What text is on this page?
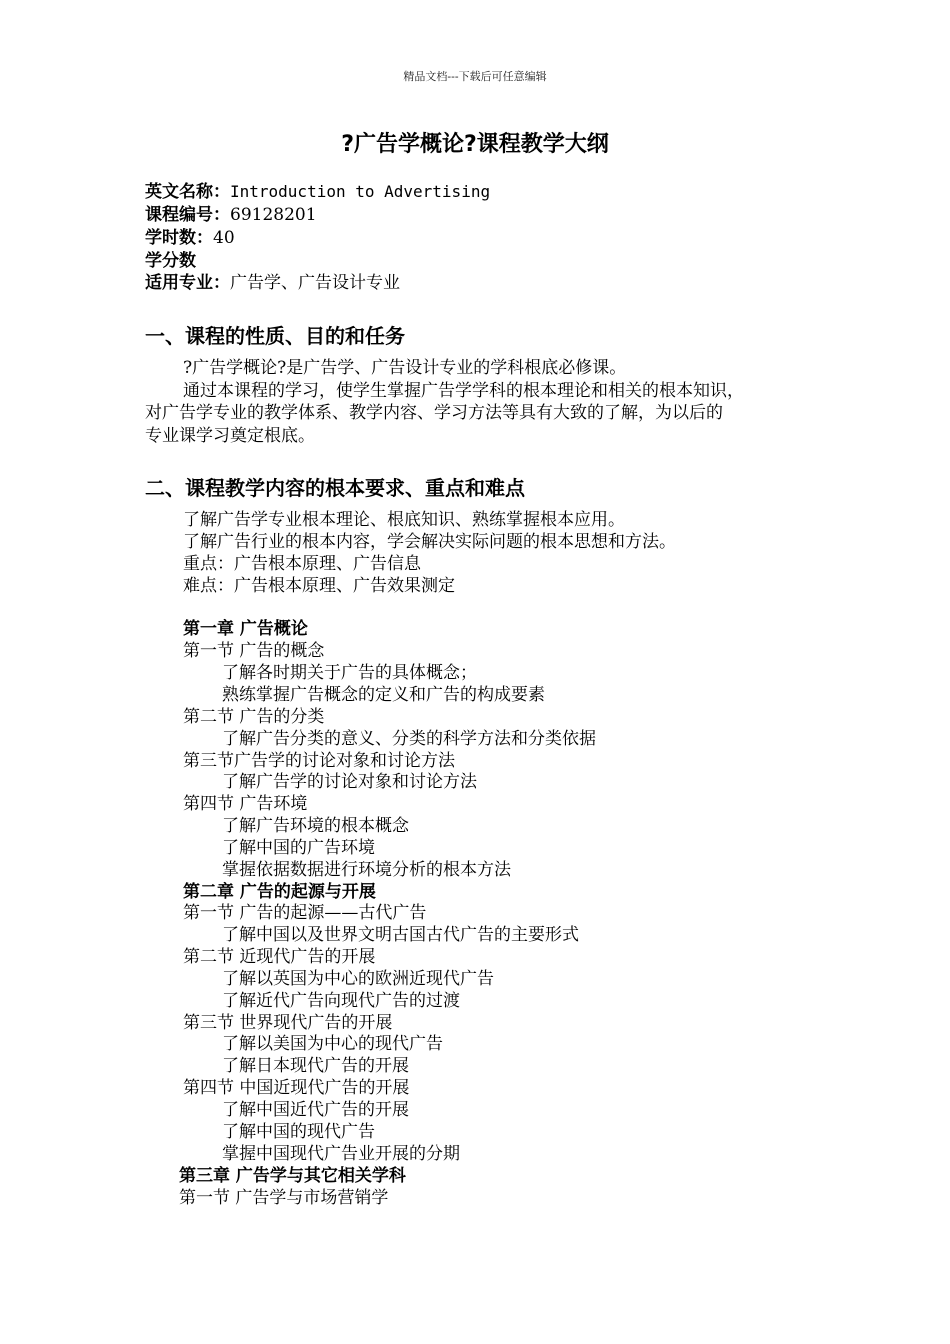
精品文档---下载后可任意编辑
?广告学概论?课程教学大纲
英文名称：Introduction to Advertising
课程编号：69128201
学时数：40
学分数
适用专业：广告学、广告设计专业
一、课程的性质、目的和任务
?广告学概论?是广告学、广告设计专业的学科根底必修课。
通过本课程的学习，使学生掌握广告学学科的根本理论和相关的根本知识，
对广告学专业的教学体系、教学内容、学习方法等具有大致的了解，为以后的
专业课学习奠定根底。
二、课程教学内容的根本要求、重点和难点
了解广告学专业根本理论、根底知识、熟练掌握根本应用。
了解广告行业的根本内容，学会解决实际问题的根本思想和方法。
重点：广告根本原理、广告信息
难点：广告根本原理、广告效果测定
第一章 广告概论
第一节 广告的概念
了解各时期关于广告的具体概念；
熟练掌握广告概念的定义和广告的构成要素
第二节 广告的分类
了解广告分类的意义、分类的科学方法和分类依据
第三节广告学的讨论对象和讨论方法
了解广告学的讨论对象和讨论方法
第四节 广告环境
了解广告环境的根本概念
了解中国的广告环境
掌握依据数据进行环境分析的根本方法
第二章 广告的起源与开展
第一节 广告的起源——古代广告
了解中国以及世界文明古国古代广告的主要形式
第二节 近现代广告的开展
了解以英国为中心的欧洲近现代广告
了解近代广告向现代广告的过渡
第三节 世界现代广告的开展
了解以美国为中心的现代广告
了解日本现代广告的开展
第四节 中国近现代广告的开展
了解中国近代广告的开展
了解中国的现代广告
掌握中国现代广告业开展的分期
第三章 广告学与其它相关学科
第一节 广告学与市场营销学
